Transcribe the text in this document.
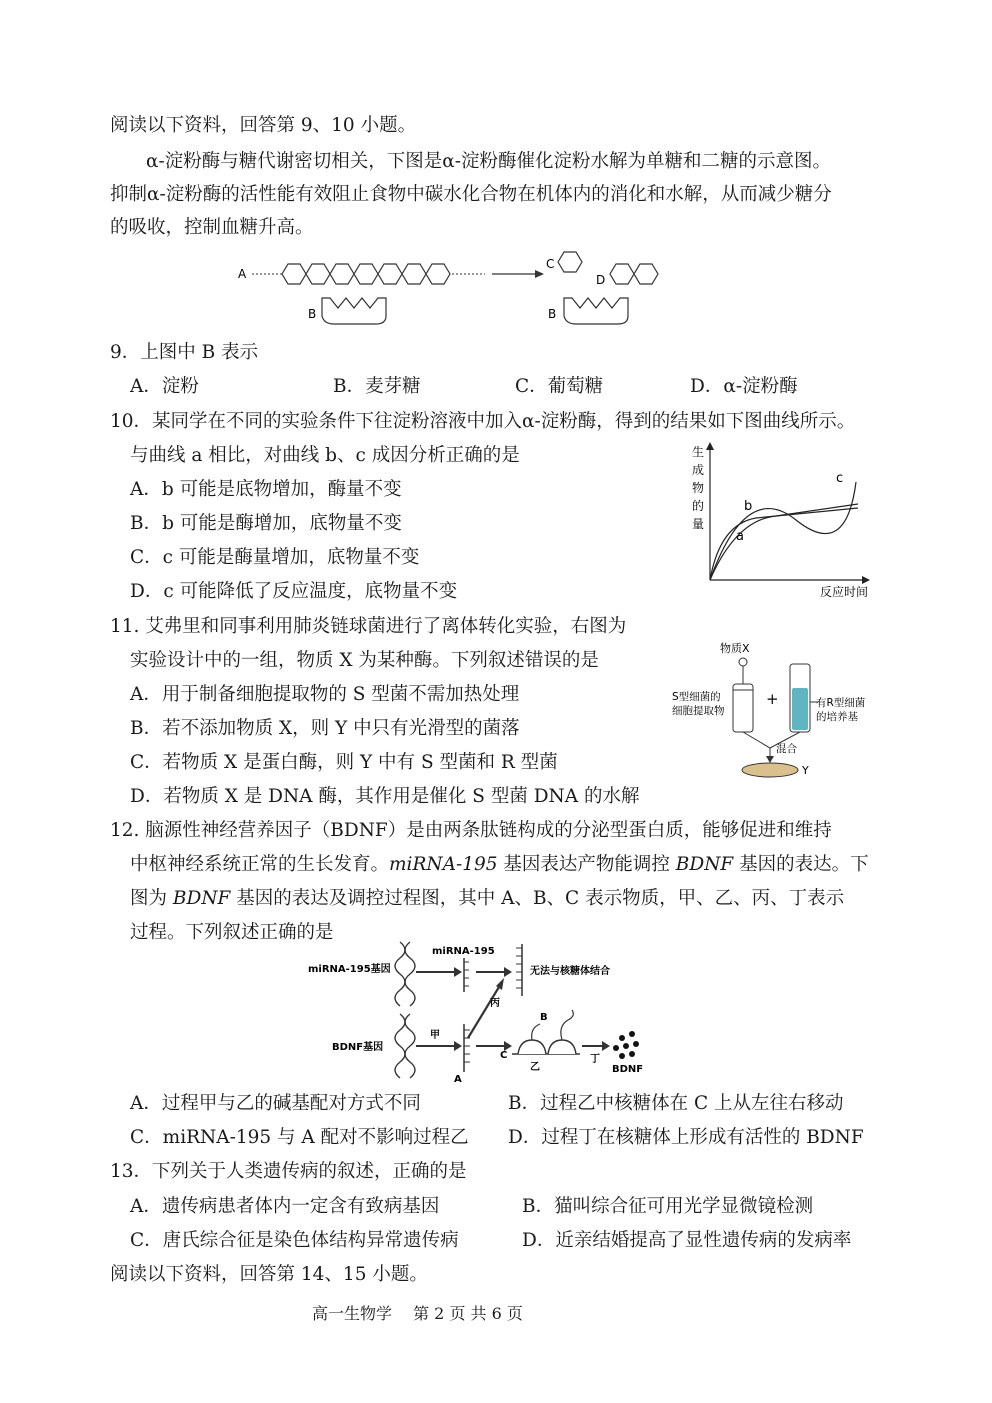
阅读以下资料，回答第 9、10 小题。
α-淀粉酶与糖代谢密切相关，下图是α-淀粉酶催化淀粉水解为单糖和二糖的示意图。
抑制α-淀粉酶的活性能有效阻止食物中碳水化合物在机体内的消化和水解，从而减少糖分
的吸收，控制血糖升高。
A
B
C
D
B
9．上图中 B 表示
A．淀粉	B．麦芽糖	C．葡萄糖	D．α-淀粉酶
10．某同学在不同的实验条件下往淀粉溶液中加入α-淀粉酶，得到的结果如下图曲线所示。
与曲线 a 相比，对曲线 b、c 成因分析正确的是
A．b 可能是底物增加，酶量不变
B．b 可能是酶增加，底物量不变
C．c 可能是酶量增加，底物量不变
D．c 可能降低了反应温度，底物量不变
生
成
物
的
量
c
b
a
反应时间
11. 艾弗里和同事利用肺炎链球菌进行了离体转化实验，右图为
实验设计中的一组，物质 X 为某种酶。下列叙述错误的是
A．用于制备细胞提取物的 S 型菌不需加热处理
B．若不添加物质 X，则 Y 中只有光滑型的菌落
C．若物质 X 是蛋白酶，则 Y 中有 S 型菌和 R 型菌
D．若物质 X 是 DNA 酶，其作用是催化 S 型菌 DNA 的水解
物质X
S型细菌的
细胞提取物
+	有R型细菌
的培养基
混合
Y
12. 脑源性神经营养因子（BDNF）是由两条肽链构成的分泌型蛋白质，能够促进和维持
中枢神经系统正常的生长发育。miRNA-195 基因表达产物能调控 BDNF 基因的表达。下
图为 BDNF 基因的表达及调控过程图，其中 A、B、C 表示物质，甲、乙、丙、丁表示
过程。下列叙述正确的是
miRNA-195基因
miRNA-195
无法与核糖体结合
丙
BDNF基因
甲
A
C
B
乙
丁
BDNF
A．过程甲与乙的碱基配对方式不同	B．过程乙中核糖体在 C 上从左往右移动
C．miRNA-195 与 A 配对不影响过程乙 D．过程丁在核糖体上形成有活性的 BDNF
13．下列关于人类遗传病的叙述，正确的是
A．遗传病患者体内一定含有致病基因	B．猫叫综合征可用光学显微镜检测
C．唐氏综合征是染色体结构异常遗传病	D．近亲结婚提高了显性遗传病的发病率
阅读以下资料，回答第 14、15 小题。
高一生物学　 第 2 页 共 6 页
